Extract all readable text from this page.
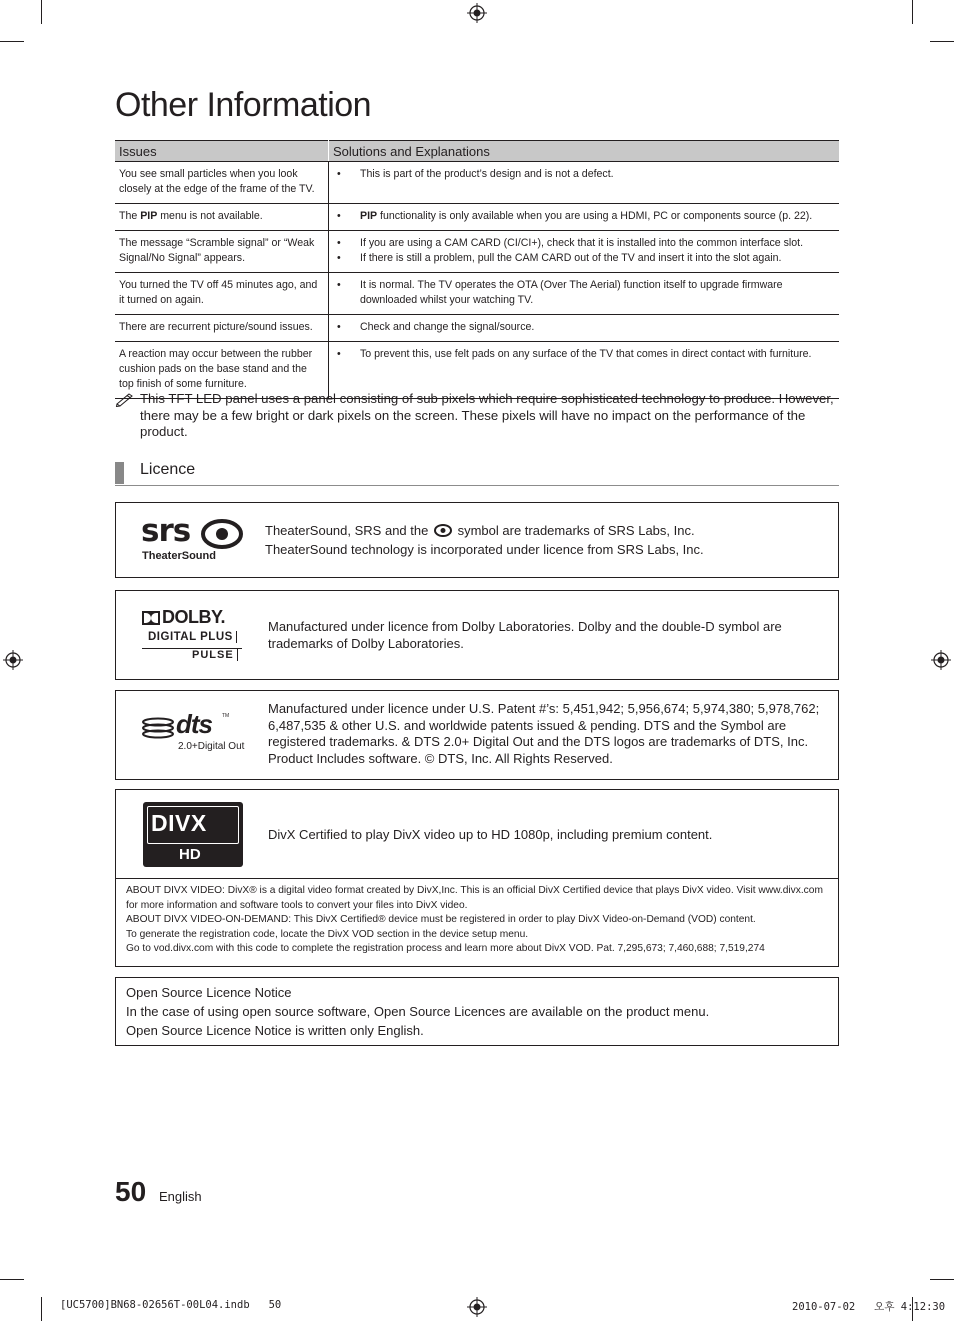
Other Information
Issues	Solutions and Explanations
You see small particles when you look closely at the edge of the frame of the TV.	• This is part of the product’s design and is not a defect.

The PIP menu is not available.	• PIP functionality is only available when you are using a HDMI, PC or components source (p. 22).

The message “Scramble signal” or “Weak Signal/No Signal” appears.	• If you are using a CAM CARD (CI/CI+), check that it is installed into the common interface slot.
• If there is still a problem, pull the CAM CARD out of the TV and insert it into the slot again.

You turned the TV off 45 minutes ago, and it turned on again.	• It is normal. The TV operates the OTA (Over The Aerial) function itself to upgrade firmware downloaded whilst your watching TV.

There are recurrent picture/sound issues.	• Check and change the signal/source.

A reaction may occur between the rubber cushion pads on the base stand and the top finish of some furniture.	• To prevent this, use felt pads on any surface of the TV that comes in direct contact with furniture.
This TFT LED panel uses a panel consisting of sub pixels which require sophisticated technology to produce. However, there may be a few bright or dark pixels on the screen. These pixels will have no impact on the performance of the product.
Licence
srs
TheaterSound
TheaterSound, SRS and the symbol are trademarks of SRS Labs, Inc.
TheaterSound technology is incorporated under licence from SRS Labs, Inc.
DOLBY.
DIGITAL PLUS
PULSE
Manufactured under licence from Dolby Laboratories. Dolby and the double-D symbol are trademarks of Dolby Laboratories.
dts TM
2.0+Digital Out
Manufactured under licence under U.S. Patent #’s: 5,451,942; 5,956,674; 5,974,380; 5,978,762; 6,487,535 & other U.S. and worldwide patents issued & pending. DTS and the Symbol are registered trademarks. & DTS 2.0+ Digital Out and the DTS logos are trademarks of DTS, Inc. Product Includes software. © DTS, Inc. All Rights Reserved.
DIVX
HD
DivX Certified to play DivX video up to HD 1080p, including premium content.
ABOUT DIVX VIDEO: DivX® is a digital video format created by DivX,Inc. This is an official DivX Certified device that plays DivX video. Visit www.divx.com for more information and software tools to convert your files into DivX video.
ABOUT DIVX VIDEO-ON-DEMAND: This DivX Certified® device must be registered in order to play DivX Video-on-Demand (VOD) content.
To generate the registration code, locate the DivX VOD section in the device setup menu.
Go to vod.divx.com with this code to complete the registration process and learn more about DivX VOD. Pat. 7,295,673; 7,460,688; 7,519,274
Open Source Licence Notice
In the case of using open source software, Open Source Licences are available on the product menu.
Open Source Licence Notice is written only English.
50 English
[UC5700]BN68-02656T-00L04.indb   50	2010-07-02   오후 4:12:30
